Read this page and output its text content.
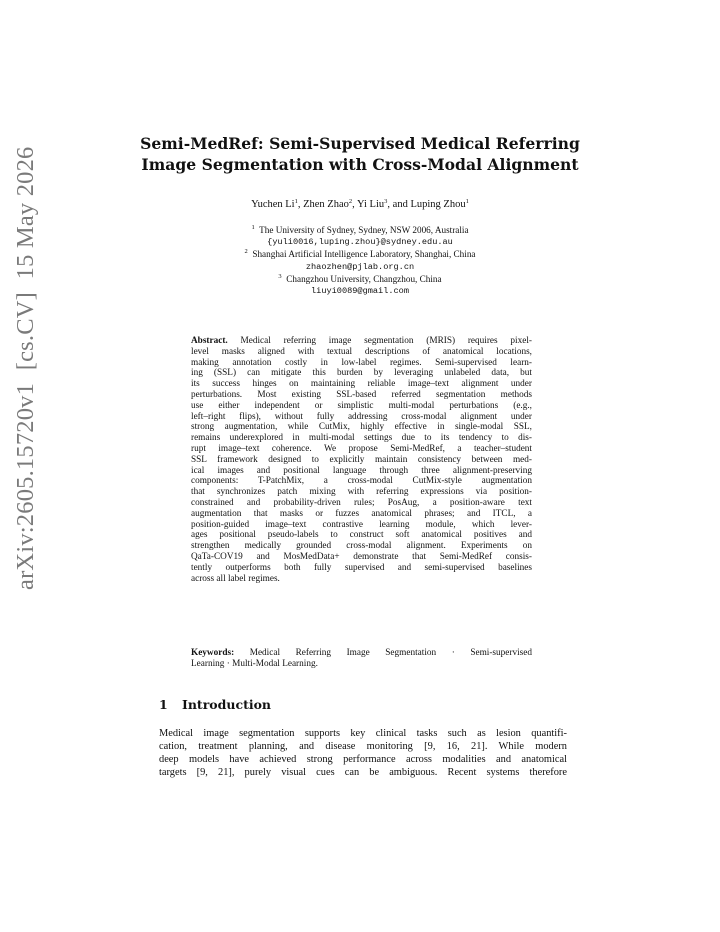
arXiv:2605.15720v1  [cs.CV]  15 May 2026
Semi-MedRef: Semi-Supervised Medical Referring
Image Segmentation with Cross-Modal Alignment
Yuchen Li$^1$, Zhen Zhao$^2$, Yi Liu$^3$, and Luping Zhou$^1$
$^1$ The University of Sydney, Sydney, NSW 2006, Australia
{yuli0016,luping.zhou}@sydney.edu.au
$^2$ Shanghai Artificial Intelligence Laboratory, Shanghai, China
zhaozhen@pjlab.org.cn
$^3$ Changzhou University, Changzhou, China
liuyi0089@gmail.com
Abstract. Medical referring image segmentation (MRIS) requires pixel-
level masks aligned with textual descriptions of anatomical locations,
making annotation costly in low-label regimes. Semi-supervised learn-
ing (SSL) can mitigate this burden by leveraging unlabeled data, but
its success hinges on maintaining reliable image–text alignment under
perturbations. Most existing SSL-based referred segmentation methods
use either independent or simplistic multi-modal perturbations (e.g.,
left–right flips), without fully addressing cross-modal alignment under
strong augmentation, while CutMix, highly effective in single-modal SSL,
remains underexplored in multi-modal settings due to its tendency to dis-
rupt image–text coherence. We propose Semi-MedRef, a teacher–student
SSL framework designed to explicitly maintain consistency between med-
ical images and positional language through three alignment-preserving
components: T-PatchMix, a cross-modal CutMix-style augmentation
that synchronizes patch mixing with referring expressions via position-
constrained and probability-driven rules; PosAug, a position-aware text
augmentation that masks or fuzzes anatomical phrases; and ITCL, a
position-guided image–text contrastive learning module, which lever-
ages positional pseudo-labels to construct soft anatomical positives and
strengthen medically grounded cross-modal alignment. Experiments on
QaTa-COV19 and MosMedData+ demonstrate that Semi-MedRef consis-
tently outperforms both fully supervised and semi-supervised baselines
across all label regimes.
Keywords: Medical Referring Image Segmentation · Semi-supervised
Learning · Multi-Modal Learning.
1 Introduction
Medical image segmentation supports key clinical tasks such as lesion quantifi-
cation, treatment planning, and disease monitoring [9, 16, 21]. While modern
deep models have achieved strong performance across modalities and anatomical
targets [9, 21], purely visual cues can be ambiguous. Recent systems therefore
